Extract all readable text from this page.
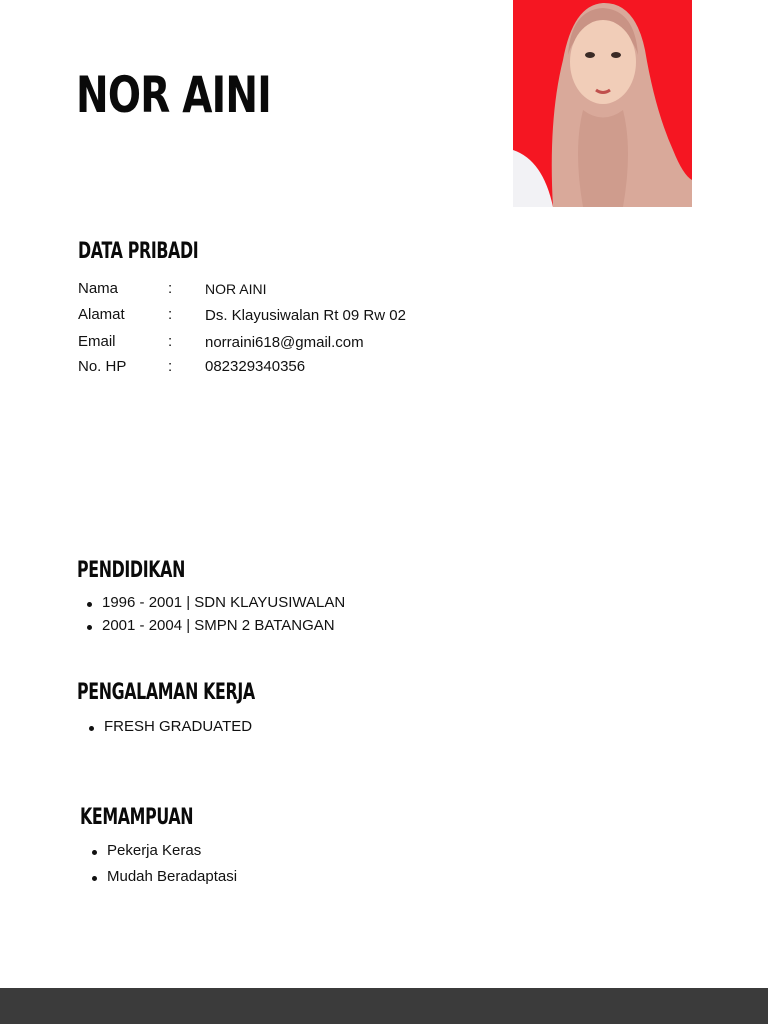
NOR AINI
DATA PRIBADI
Nama	: NOR AINI
Alamat	: Ds. Klayusiwalan Rt 09 Rw 02
Email	: norraini618@gmail.com
No. HP	: 082329340356
PENDIDIKAN
1996 - 2001 | SDN KLAYUSIWALAN
2001 - 2004 | SMPN 2 BATANGAN
PENGALAMAN KERJA
FRESH GRADUATED
KEMAMPUAN
Pekerja Keras
Mudah Beradaptasi
